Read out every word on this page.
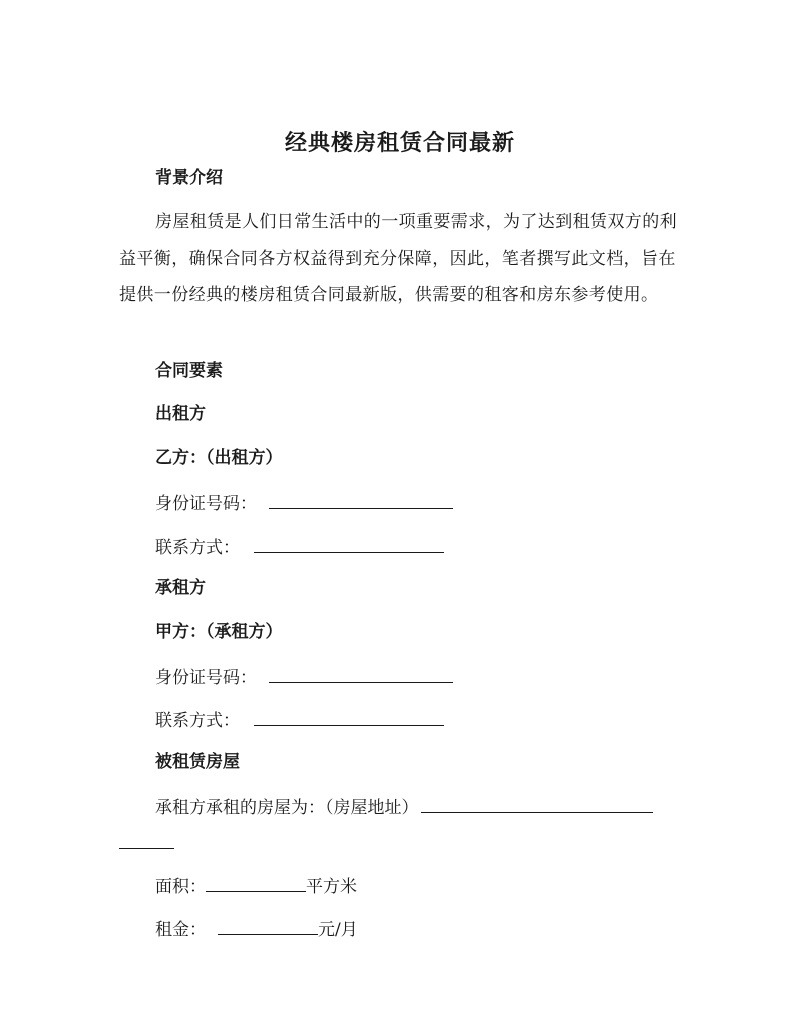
经典楼房租赁合同最新
背景介绍

房屋租赁是人们日常生活中的一项重要需求，为了达到租赁双方的利益平衡，确保合同各方权益得到充分保障，因此，笔者撰写此文档，旨在提供一份经典的楼房租赁合同最新版，供需要的租客和房东参考使用。

合同要素
出租方
乙方：（出租方）
身份证号码：
联系方式：
承租方
甲方：（承租方）
身份证号码：
联系方式：
被租赁房屋
承租方承租的房屋为：（房屋地址）
面积：	平方米
租金：	元/月
